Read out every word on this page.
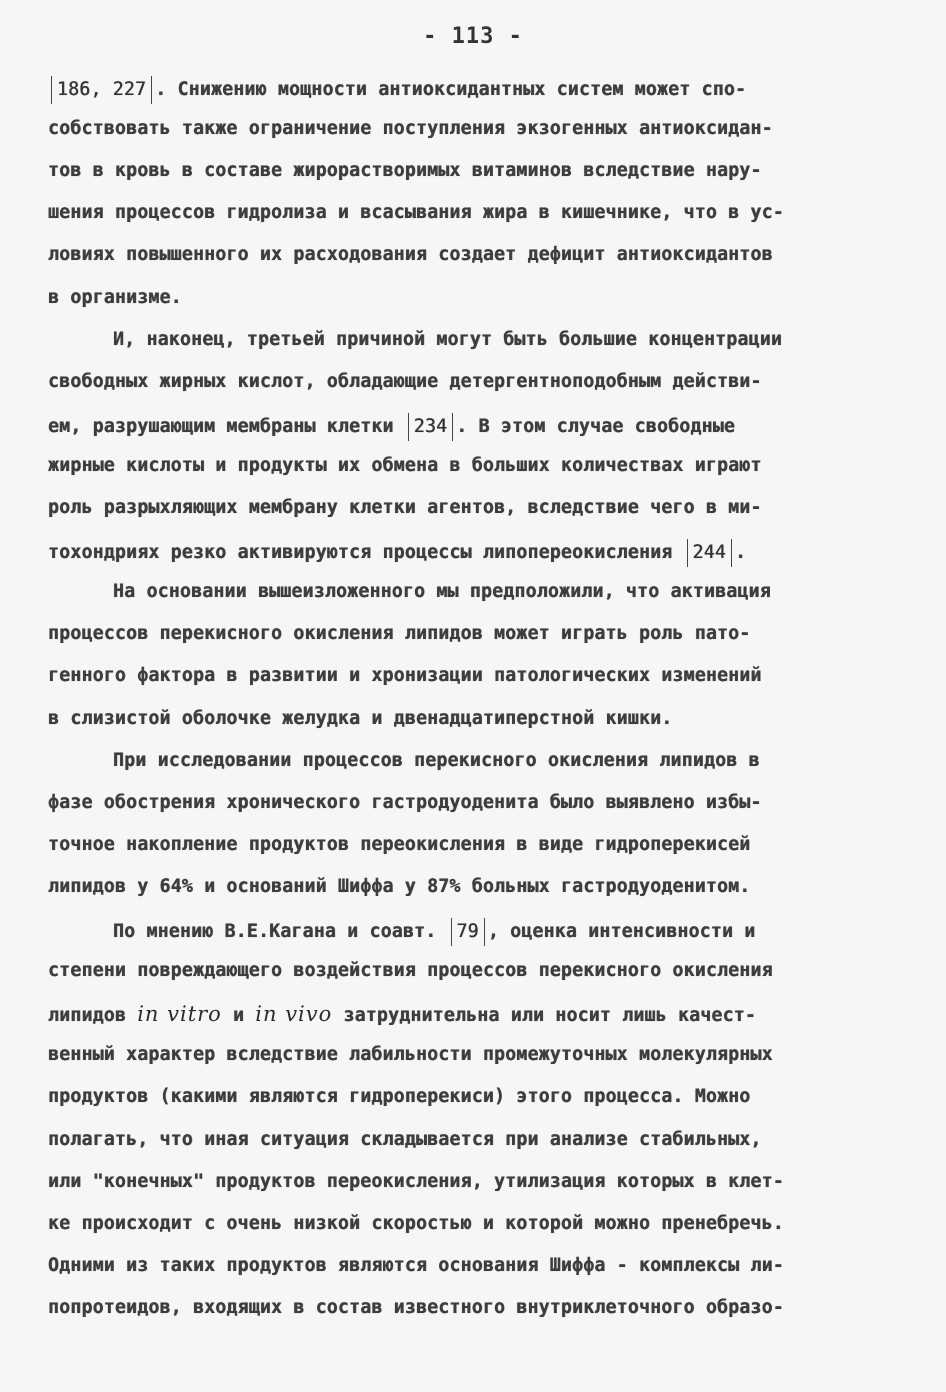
- 113 -
186, 227 . Снижению мощности антиоксидантных систем может спо-
собствовать также ограничение поступления экзогенных антиоксидан-
тов в кровь в составе жирорастворимых витаминов вследствие нару-
шения процессов гидролиза и всасывания жира в кишечнике, что в ус-
ловиях повышенного их расходования создает дефицит антиоксидантов
в организме.
И, наконец, третьей причиной могут быть большие концентрации
свободных жирных кислот, обладающие детергентноподобным действи-
ем, разрушающим мембраны клетки 234 . В этом случае свободные
жирные кислоты и продукты их обмена в больших количествах играют
роль разрыхляющих мембрану клетки агентов, вследствие чего в ми-
тохондриях резко активируются процессы липопереокисления 244 .
На основании вышеизложенного мы предположили, что активация
процессов перекисного окисления липидов может играть роль пато-
генного фактора в развитии и хронизации патологических изменений
в слизистой оболочке желудка и двенадцатиперстной кишки.
При исследовании процессов перекисного окисления липидов в
фазе обострения хронического гастродуоденита было выявлено избы-
точное накопление продуктов переокисления в виде гидроперекисей
липидов у 64% и оснований Шиффа у 87% больных гастродуоденитом.
По мнению В.Е.Кагана и соавт. 79 , оценка интенсивности и
степени повреждающего воздействия процессов перекисного окисления
липидов in vitro и in vivo затруднительна или носит лишь качест-
венный характер вследствие лабильности промежуточных молекулярных
продуктов (какими являются гидроперекиси) этого процесса. Можно
полагать, что иная ситуация складывается при анализе стабильных,
или "конечных" продуктов переокисления, утилизация которых в клет-
ке происходит с очень низкой скоростью и которой можно пренебречь.
Одними из таких продуктов являются основания Шиффа - комплексы ли-
попротеидов, входящих в состав известного внутриклеточного образо-
